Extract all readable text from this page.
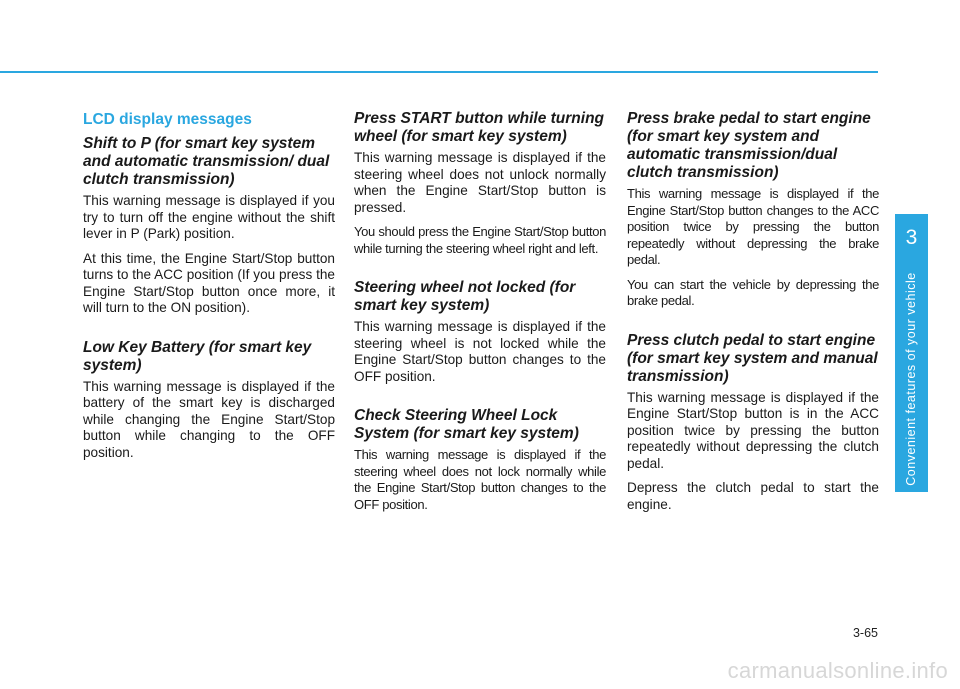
LCD display messages
Shift to P (for smart key system and automatic transmission/ dual clutch transmission)

This warning message is displayed if you try to turn off the engine without the shift lever in P (Park) position.

At this time, the Engine Start/Stop button turns to the ACC position (If you press the Engine Start/Stop button once more, it will turn to the ON position).

Low Key Battery (for smart key system)

This warning message is displayed if the battery of the smart key is discharged while changing the Engine Start/Stop button while changing to the OFF position.

Press START button while turning wheel (for smart key system)

This warning message is displayed if the steering wheel does not unlock normally when the Engine Start/Stop button is pressed.

You should press the Engine Start/Stop button while turning the steering wheel right and left.

Steering wheel not locked (for smart key system)

This warning message is displayed if the steering wheel is not locked while the Engine Start/Stop button changes to the OFF position.

Check Steering Wheel Lock System (for smart key system)

This warning message is displayed if the steering wheel does not lock normally while the Engine Start/Stop button changes to the OFF position.

Press brake pedal to start engine (for smart key system and automatic transmission/dual clutch transmission)

This warning message is displayed if the Engine Start/Stop button changes to the ACC position twice by pressing the button repeatedly without depressing the brake pedal.

You can start the vehicle by depressing the brake pedal.

Press clutch pedal to start engine (for smart key system and manual transmission)

This warning message is displayed if the Engine Start/Stop button is in the ACC position twice by pressing the button repeatedly without depressing the clutch pedal.

Depress the clutch pedal to start the engine.

3
Convenient features of your vehicle
3-65
carmanualsonline.info
